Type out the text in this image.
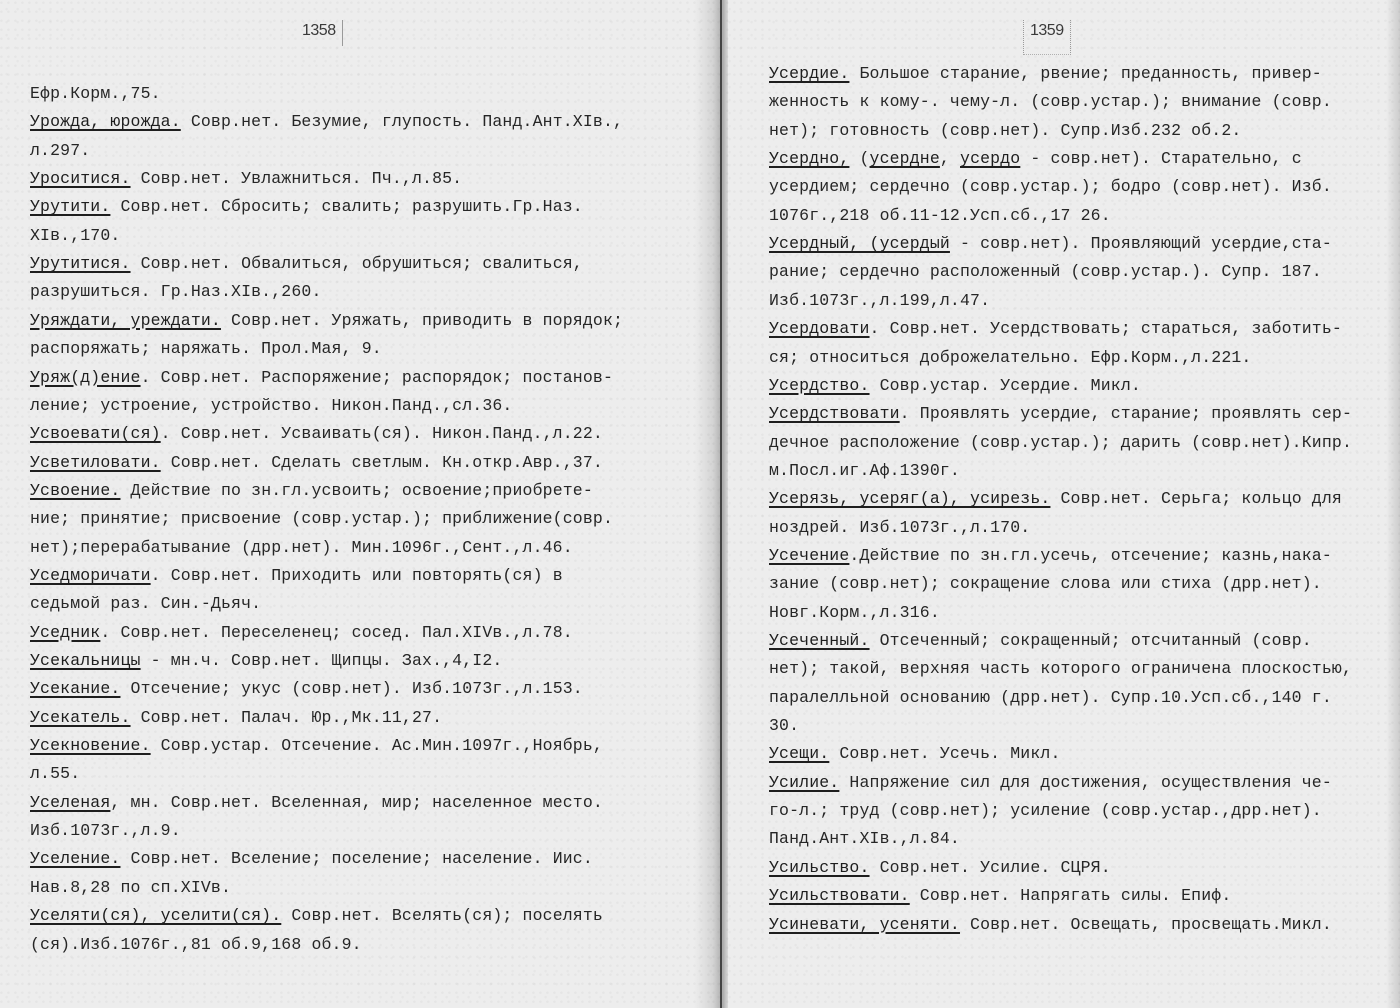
1358
Ефр.Корм.,75.
Урожда, юрожда. Совр.нет. Безумие, глупость. Панд.Ант.XIв.,
л.297.
Уроситися. Совр.нет. Увлажниться. Пч.,л.85.
Урутити. Совр.нет. Сбросить; свалить; разрушить.Гр.Наз.
XIв.,170.
Урутитися. Совр.нет. Обвалиться, обрушиться; свалиться,
разрушиться. Гр.Наз.XIв.,260.
Уряждати, уреждати. Совр.нет. Уряжать, приводить в порядок;
распоряжать; наряжать. Прол.Мая, 9.
Уряж(д)ение. Совр.нет. Распоряжение; распорядок; постанов-
ление; устроение, устройство. Никон.Панд.,сл.36.
Усвоевати(ся). Совр.нет. Усваивать(ся). Никон.Панд.,л.22.
Усветиловати. Совр.нет. Сделать светлым. Кн.откр.Авр.,37.
Усвоение. Действие по зн.гл.усвоить; освоение;приобрете-
ние; принятие; присвоение (совр.устар.); приближение(совр.
нет);перерабатывание (дрр.нет). Мин.1096г.,Сент.,л.46.
Уседморичати. Совр.нет. Приходить или повторять(ся) в
седьмой раз. Син.-Дьяч.
Уседник. Совр.нет. Переселенец; сосед. Пал.XIVв.,л.78.
Усекальницы - мн.ч. Совр.нет. Щипцы. Зах.,4,I2.
Усекание. Отсечение; укус (совр.нет). Изб.1073г.,л.153.
Усекатель. Совр.нет. Палач. Юр.,Мк.11,27.
Усекновение. Совр.устар. Отсечение. Ас.Мин.1097г.,Ноябрь,
л.55.
Уселеная, мн. Совр.нет. Вселенная, мир; населенное место.
Изб.1073г.,л.9.
Уселение. Совр.нет. Вселение; поселение; население. Иис.
Нав.8,28 по сп.XIVв.
Уселяти(ся), уселити(ся). Совр.нет. Вселять(ся); поселять
(ся).Изб.1076г.,81 об.9,168 об.9.
1359
Усердие. Большое старание, рвение; преданность, привер-
женность к кому-. чему-л. (совр.устар.); внимание (совр.
нет); готовность (совр.нет). Супр.Изб.232 об.2.
Усердно, (усердне, усердо - совр.нет). Старательно, с
усердием; сердечно (совр.устар.); бодро (совр.нет). Изб.
1076г.,218 об.11-12.Усп.сб.,17 26.
Усердный, (усердый - совр.нет). Проявляющий усердие,ста-
рание; сердечно расположенный (совр.устар.). Супр. 187.
Изб.1073г.,л.199,л.47.
Усердовати. Совр.нет. Усердствовать; стараться, заботить-
ся; относиться доброжелательно. Ефр.Корм.,л.221.
Усердство. Совр.устар. Усердие. Микл.
Усердствовати. Проявлять усердие, старание; проявлять сер-
дечное расположение (совр.устар.); дарить (совр.нет).Кипр.
м.Посл.иг.Аф.1390г.
Усерязь, усеряг(а), усирезь. Совр.нет. Серьга; кольцо для
ноздрей. Изб.1073г.,л.170.
Усечение.Действие по зн.гл.усечь, отсечение; казнь,нака-
зание (совр.нет); сокращение слова или стиха (дрр.нет).
Новг.Корм.,л.316.
Усеченный. Отсеченный; сокращенный; отсчитанный (совр.
нет); такой, верхняя часть которого ограничена плоскостью,
паралелльной основанию (дрр.нет). Супр.10.Усп.сб.,140 г.
30.
Усещи. Совр.нет. Усечь. Микл.
Усилие. Напряжение сил для достижения, осуществления че-
го-л.; труд (совр.нет); усиление (совр.устар.,дрр.нет).
Панд.Ант.XIв.,л.84.
Усильство. Совр.нет. Усилие. СЦРЯ.
Усильствовати. Совр.нет. Напрягать силы. Епиф.
Усиневати, усеняти. Совр.нет. Освещать, просвещать.Микл.
